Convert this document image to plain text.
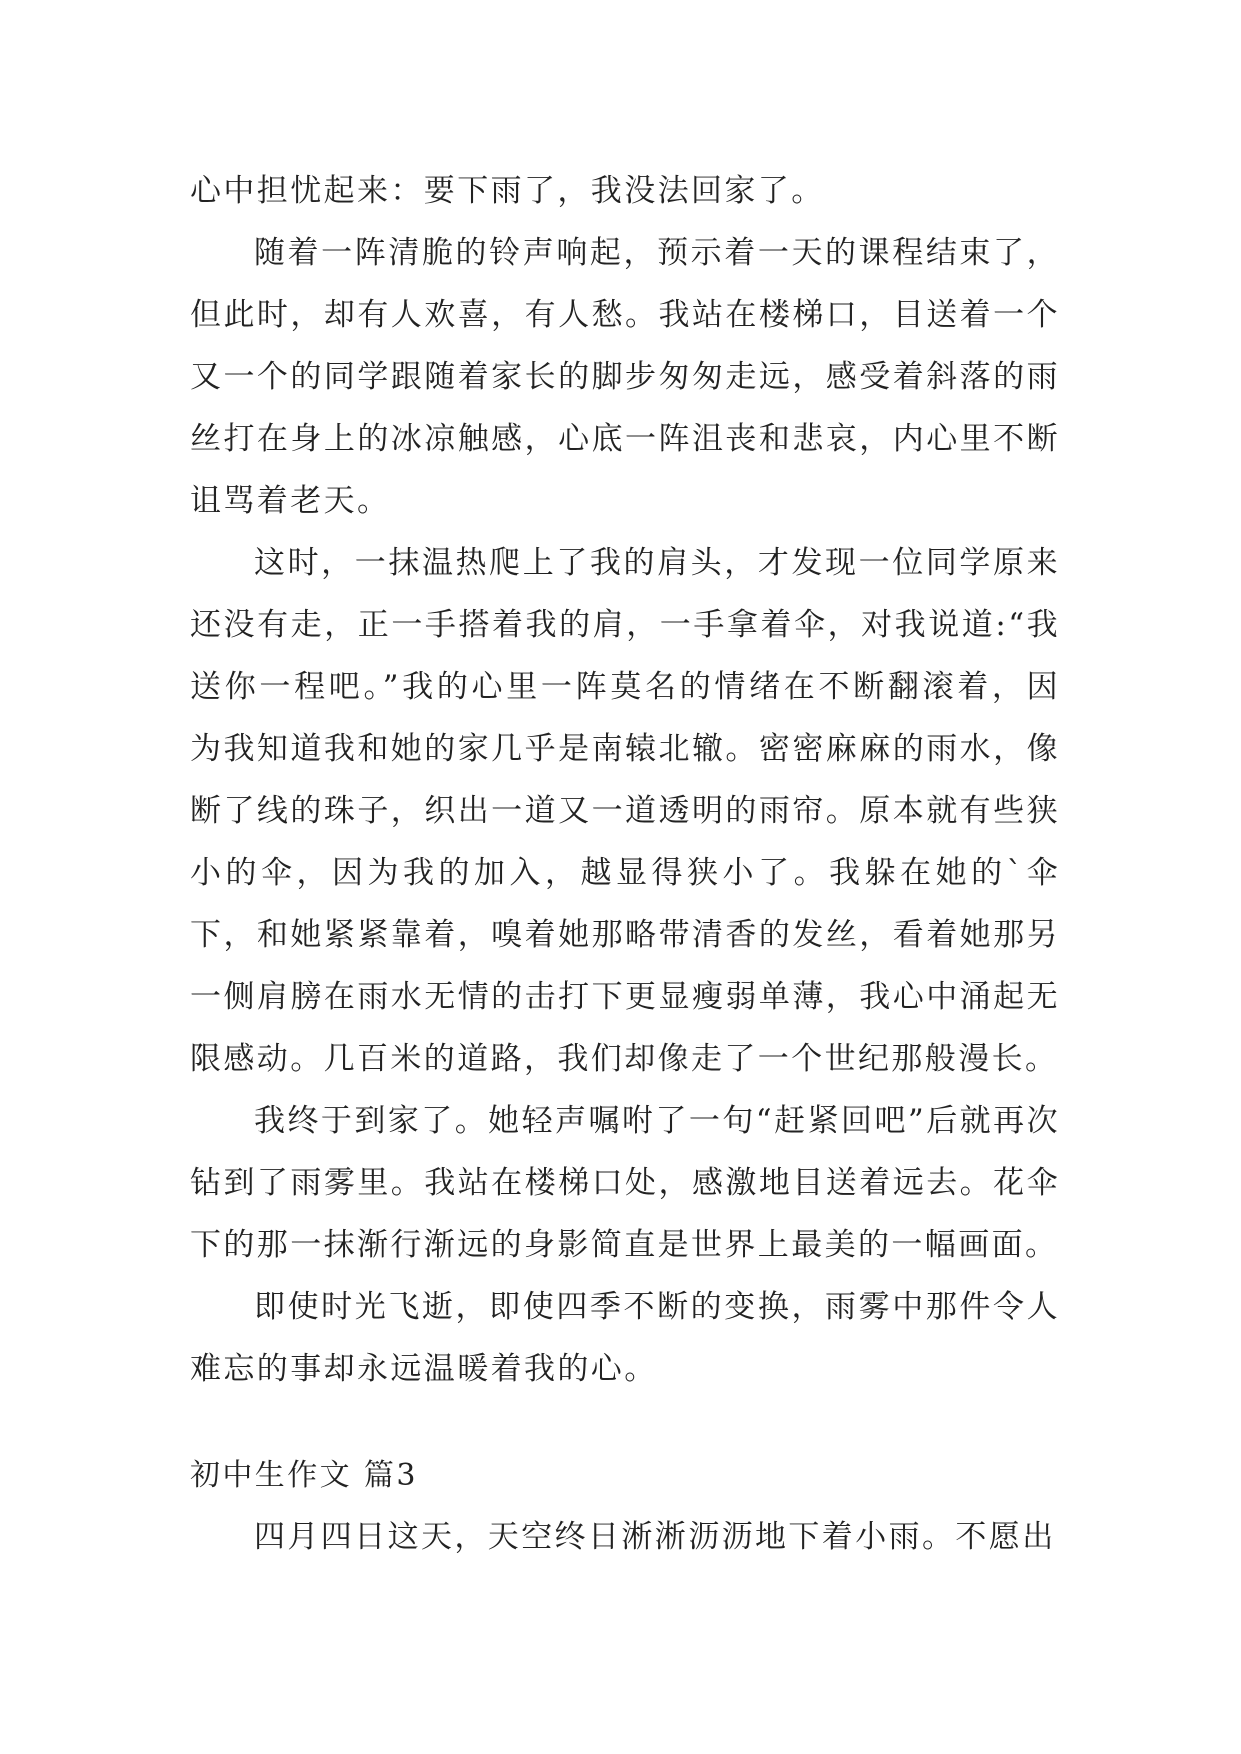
心中担忧起来：要下雨了，我没法回家了。

随着一阵清脆的铃声响起，预示着一天的课程结束了，但此时，却有人欢喜，有人愁。我站在楼梯口，目送着一个又一个的同学跟随着家长的脚步匆匆走远，感受着斜落的雨丝打在身上的冰凉触感，心底一阵沮丧和悲哀，内心里不断诅骂着老天。

这时，一抹温热爬上了我的肩头，才发现一位同学原来还没有走，正一手搭着我的肩，一手拿着伞，对我说道:“我送你一程吧。”我的心里一阵莫名的情绪在不断翻滚着，因为我知道我和她的家几乎是南辕北辙。密密麻麻的雨水，像断了线的珠子，织出一道又一道透明的雨帘。原本就有些狭小的伞，因为我的加入，越显得狭小了。我躲在她的`伞下，和她紧紧靠着，嗅着她那略带清香的发丝，看着她那另一侧肩膀在雨水无情的击打下更显瘦弱单薄，我心中涌起无限感动。几百米的道路，我们却像走了一个世纪那般漫长。

我终于到家了。她轻声嘱咐了一句“赶紧回吧”后就再次钻到了雨雾里。我站在楼梯口处，感激地目送着远去。花伞下的那一抹渐行渐远的身影简直是世界上最美的一幅画面。

即使时光飞逝，即使四季不断的变换，雨雾中那件令人难忘的事却永远温暖着我的心。

初中生作文 篇3

四月四日这天，天空终日淅淅沥沥地下着小雨。不愿出
